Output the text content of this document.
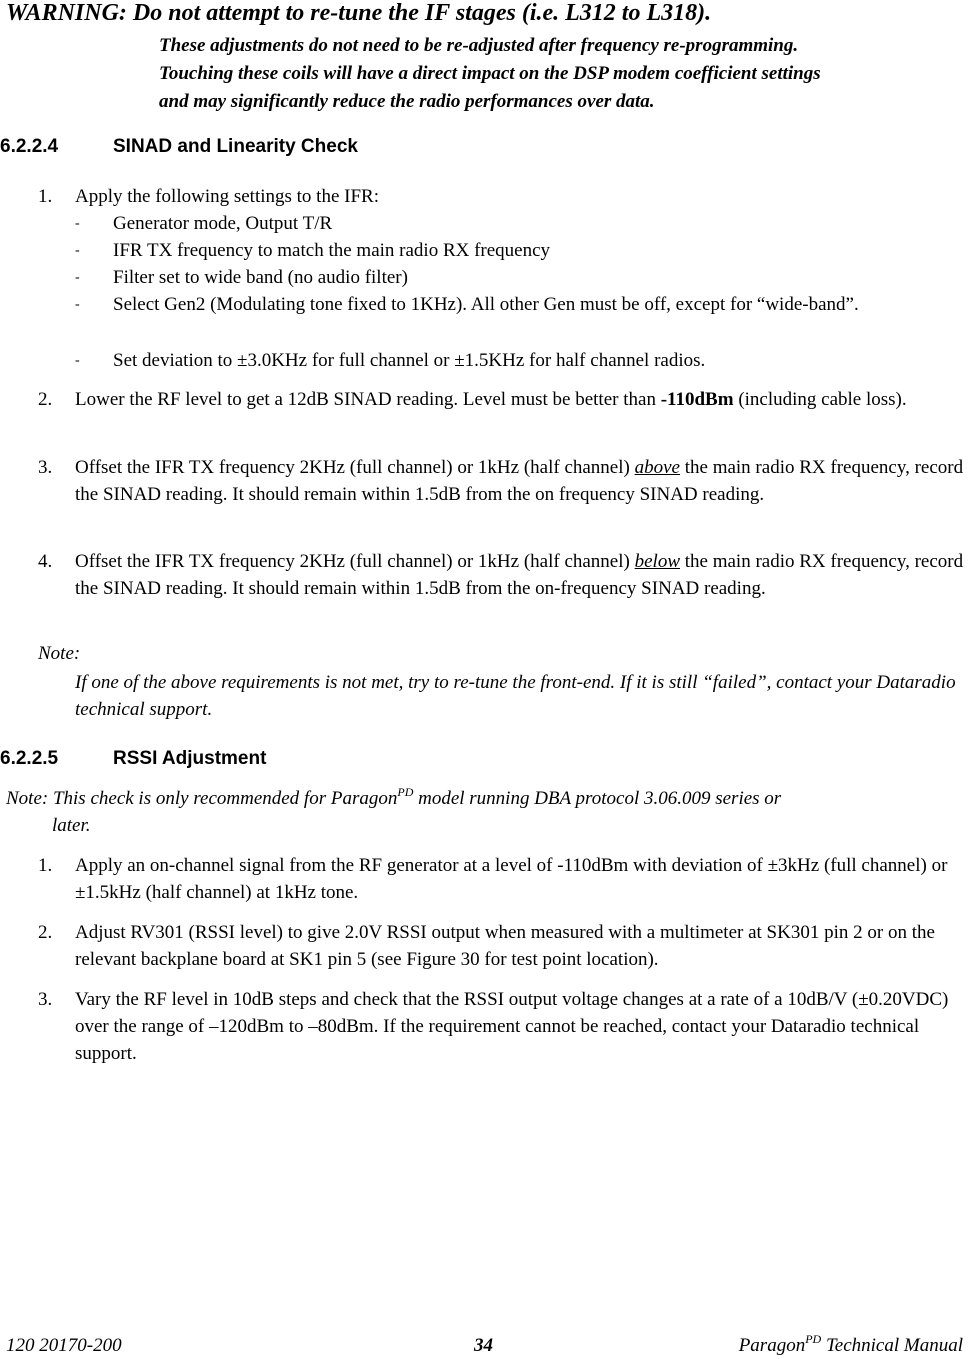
WARNING: Do not attempt to re-tune the IF stages (i.e. L312 to L318).
These adjustments do not need to be re-adjusted after frequency re-programming.
Touching these coils will have a direct impact on the DSP modem coefficient settings
and may significantly reduce the radio performances over data.
6.2.2.4	SINAD and Linearity Check
1. Apply the following settings to the IFR:
- Generator mode, Output T/R
- IFR TX frequency to match the main radio RX frequency
- Filter set to wide band (no audio filter)
- Select Gen2 (Modulating tone fixed to 1KHz). All other Gen must be off, except for “wide-band”.
- Set deviation to ±3.0KHz for full channel or ±1.5KHz for half channel radios.
2. Lower the RF level to get a 12dB SINAD reading. Level must be better than -110dBm (including cable loss).
3. Offset the IFR TX frequency 2KHz (full channel) or 1kHz (half channel) above the main radio RX frequency, record the SINAD reading. It should remain within 1.5dB from the on frequency SINAD reading.
4. Offset the IFR TX frequency 2KHz (full channel) or 1kHz (half channel) below the main radio RX frequency, record the SINAD reading. It should remain within 1.5dB from the on-frequency SINAD reading.
Note:
If one of the above requirements is not met, try to re-tune the front-end. If it is still “failed”, contact your Dataradio technical support.
6.2.2.5	RSSI Adjustment
Note: This check is only recommended for Paragon$^{PD}$ model running DBA protocol 3.06.009 series or
later.
1. Apply an on-channel signal from the RF generator at a level of -110dBm with deviation of ±3kHz (full channel) or ±1.5kHz (half channel) at 1kHz tone.
2. Adjust RV301 (RSSI level) to give 2.0V RSSI output when measured with a multimeter at SK301 pin 2 or on the relevant backplane board at SK1 pin 5 (see Figure 30 for test point location).
3. Vary the RF level in 10dB steps and check that the RSSI output voltage changes at a rate of a 10dB/V (±0.20VDC) over the range of –120dBm to –80dBm. If the requirement cannot be reached, contact your Dataradio technical support.
120 20170-200	34	Paragon$^{PD}$ Technical Manual
